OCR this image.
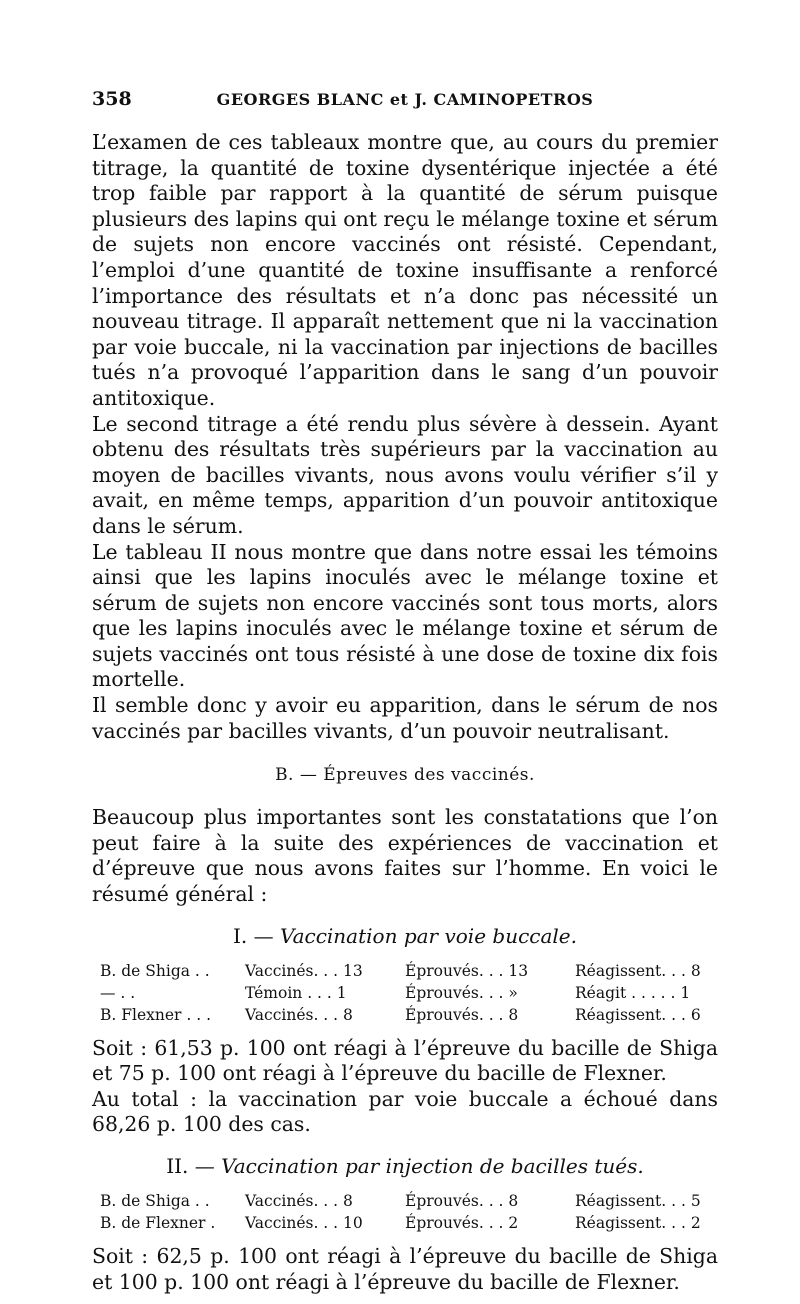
358	GEORGES BLANC et J. CAMINOPETROS

L’examen de ces tableaux montre que, au cours du premier titrage, la quantité de toxine dysentérique injectée a été trop faible par rapport à la quantité de sérum puisque plusieurs des lapins qui ont reçu le mélange toxine et sérum de sujets non encore vaccinés ont résisté. Cependant, l’emploi d’une quantité de toxine insuffisante a renforcé l’importance des résultats et n’a donc pas nécessité un nouveau titrage. Il apparaît nettement que ni la vaccination par voie buccale, ni la vaccination par injections de bacilles tués n’a provoqué l’apparition dans le sang d’un pouvoir antitoxique.

Le second titrage a été rendu plus sévère à dessein. Ayant obtenu des résultats très supérieurs par la vaccination au moyen de bacilles vivants, nous avons voulu vérifier s’il y avait, en même temps, apparition d’un pouvoir antitoxique dans le sérum.

Le tableau II nous montre que dans notre essai les témoins ainsi que les lapins inoculés avec le mélange toxine et sérum de sujets non encore vaccinés sont tous morts, alors que les lapins inoculés avec le mélange toxine et sérum de sujets vaccinés ont tous résisté à une dose de toxine dix fois mortelle.

Il semble donc y avoir eu apparition, dans le sérum de nos vaccinés par bacilles vivants, d’un pouvoir neutralisant.

B. — Épreuves des vaccinés.

Beaucoup plus importantes sont les constatations que l’on peut faire à la suite des expériences de vaccination et d’épreuve que nous avons faites sur l’homme. En voici le résumé général :

I. — Vaccination par voie buccale.
B. de Shiga . .	Vaccinés. . . 13	Éprouvés. . . 13	Réagissent. . . 8
— . .	Témoin . . . 1	Éprouvés. . . »	Réagit . . . . . 1
B. Flexner . . .	Vaccinés. . . 8	Éprouvés. . . 8	Réagissent. . . 6

Soit : 61,53 p. 100 ont réagi à l’épreuve du bacille de Shiga et 75 p. 100 ont réagi à l’épreuve du bacille de Flexner.

Au total : la vaccination par voie buccale a échoué dans 68,26 p. 100 des cas.

II. — Vaccination par injection de bacilles tués.
B. de Shiga . .	Vaccinés. . . 8	Éprouvés. . . 8	Réagissent. . . 5
B. de Flexner .	Vaccinés. . . 10	Éprouvés. . . 2	Réagissent. . . 2

Soit : 62,5 p. 100 ont réagi à l’épreuve du bacille de Shiga et 100 p. 100 ont réagi à l’épreuve du bacille de Flexner.
